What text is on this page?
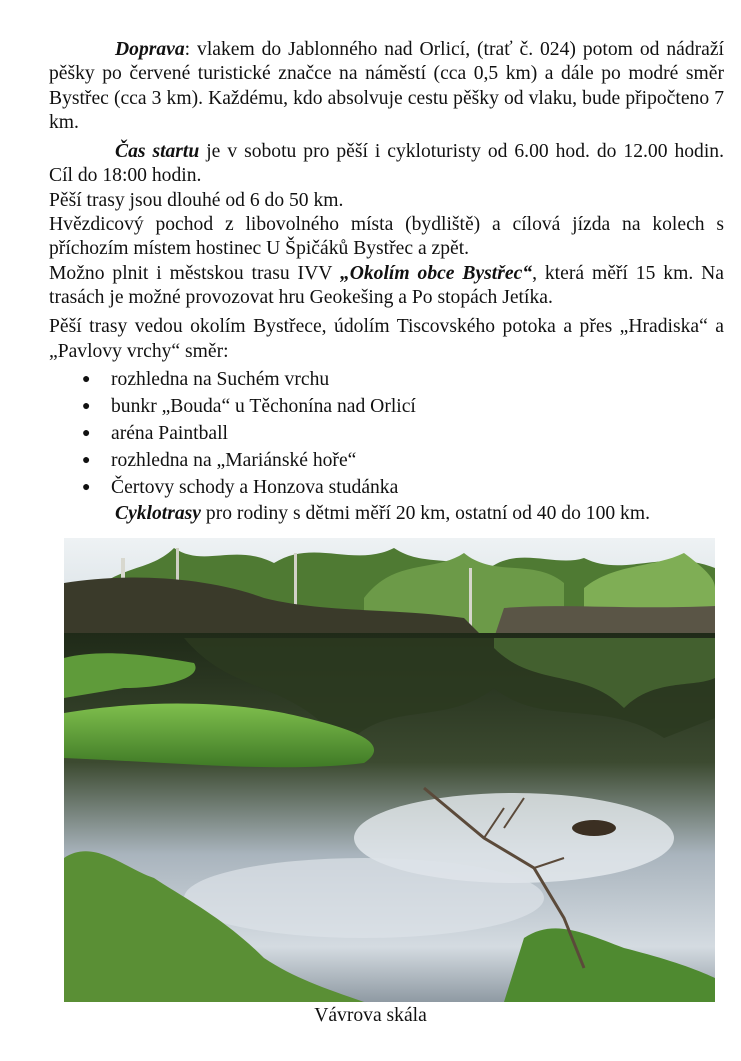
Doprava: vlakem do Jablonného nad Orlicí, (trať č. 024) potom od nádraží pěšky po červené turistické značce na náměstí (cca 0,5 km) a dále po modré směr Bystřec (cca 3 km). Každému, kdo absolvuje cestu pěšky od vlaku, bude připočteno 7 km.

Čas startu je v sobotu pro pěší i cykloturisty od 6.00 hod. do 12.00 hodin. Cíl do 18:00 hodin.

Pěší trasy jsou dlouhé od 6 do 50 km.

Hvězdicový pochod z libovolného místa (bydliště) a cílová jízda na kolech s příchozím místem hostinec U Špičáků Bystřec a zpět.

Možno plnit i městskou trasu IVV „Okolím obce Bystřec“, která měří 15 km. Na trasách je možné provozovat hru Geokešing a Po stopách Jetíka.

Pěší trasy vedou okolím Bystřece, údolím Tiscovského potoka a přes „Hradiska“ a „Pavlovy vrchy“ směr:

● rozhledna na Suchém vrchu
● bunkr „Bouda“ u Těchonína nad Orlicí
● aréna Paintball
● rozhledna na „Mariánské hoře“
● Čertovy schody a Honzova studánka

Cyklotrasy pro rodiny s dětmi měří 20 km, ostatní od 40 do 100 km.

Vávrova skála
